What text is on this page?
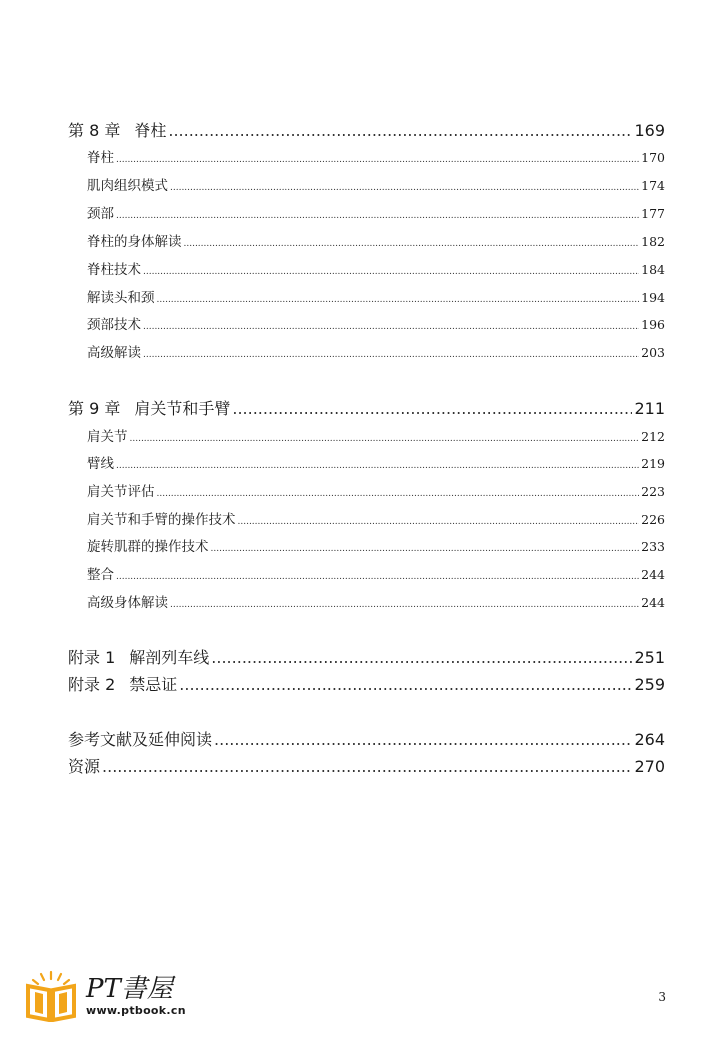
第 8 章 脊柱 .....	169
脊柱 .....	170
肌肉组织模式 .....	174
颈部 .....	177
脊柱的身体解读 .....	182
脊柱技术 .....	184
解读头和颈 .....	194
颈部技术 .....	196
高级解读 .....	203
第 9 章 肩关节和手臂 .....	211
肩关节 .....	212
臂线 .....	219
肩关节评估 .....	223
肩关节和手臂的操作技术 .....	226
旋转肌群的操作技术 .....	233
整合 .....	244
高级身体解读 .....	244
附录 1 解剖列车线 .....	251
附录 2 禁忌证 .....	259
参考文献及延伸阅读 .....	264
资源 .....	270
PT書屋
www.ptbook.cn
3
